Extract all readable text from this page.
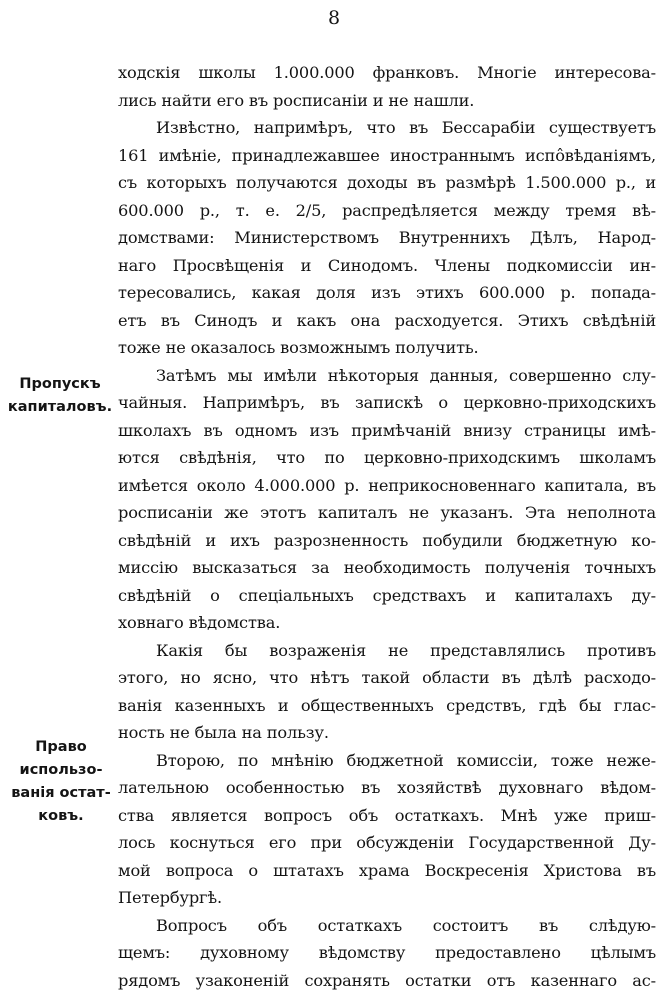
8
Пропускъ
капиталовъ.
Право
использо-
ванія остат-
ковъ.
ходскія школы 1.000.000 франковъ. Многіе интересова-
лись найти его въ росписаніи и не нашли.
Извѣстно, напримѣръ, что въ Бессарабіи существуетъ
161 имѣніе, принадлежавшее иностраннымъ испо̂вѣданіямъ,
съ которыхъ получаются доходы въ размѣрѣ 1.500.000 р., и
600.000 р., т. е. 2/5, распредѣляется между тремя вѣ-
домствами: Министерствомъ Внутреннихъ Дѣлъ, Народ-
наго Просвѣщенія и Синодомъ. Члены подкомиссіи ин-
тересовались, какая доля изъ этихъ 600.000 р. попада-
етъ въ Синодъ и какъ она расходуется. Этихъ свѣдѣній
тоже не оказалось возможнымъ получить.
Затѣмъ мы имѣли нѣкоторыя данныя, совершенно слу-
чайныя. Напримѣръ, въ запискѣ о церковно-приходскихъ
школахъ въ одномъ изъ примѣчаній внизу страницы имѣ-
ются свѣдѣнія, что по церковно-приходскимъ школамъ
имѣется около 4.000.000 р. неприкосновеннаго капитала, въ
росписаніи же этотъ капиталъ не указанъ. Эта неполнота
свѣдѣній и ихъ разрозненность побудили бюджетную ко-
миссію высказаться за необходимость полученія точныхъ
свѣдѣній о спеціальныхъ средствахъ и капиталахъ ду-
ховнаго вѣдомства.
Какія бы возраженія не представлялись противъ
этого, но ясно, что нѣтъ такой области въ дѣлѣ расходо-
ванія казенныхъ и общественныхъ средствъ, гдѣ бы глас-
ность не была на пользу.
Второю, по мнѣнію бюджетной комиссіи, тоже неже-
лательною особенностью въ хозяйствѣ духовнаго вѣдом-
ства является вопросъ объ остаткахъ. Мнѣ уже приш-
лось коснуться его при обсужденіи Государственной Ду-
мой вопроса о штатахъ храма Воскресенія Христова въ
Петербургѣ.
Вопросъ объ остаткахъ состоитъ въ слѣдую-
щемъ: духовному вѣдомству предоставлено цѣлымъ
рядомъ узаконеній сохранять остатки отъ казеннаго ас-
